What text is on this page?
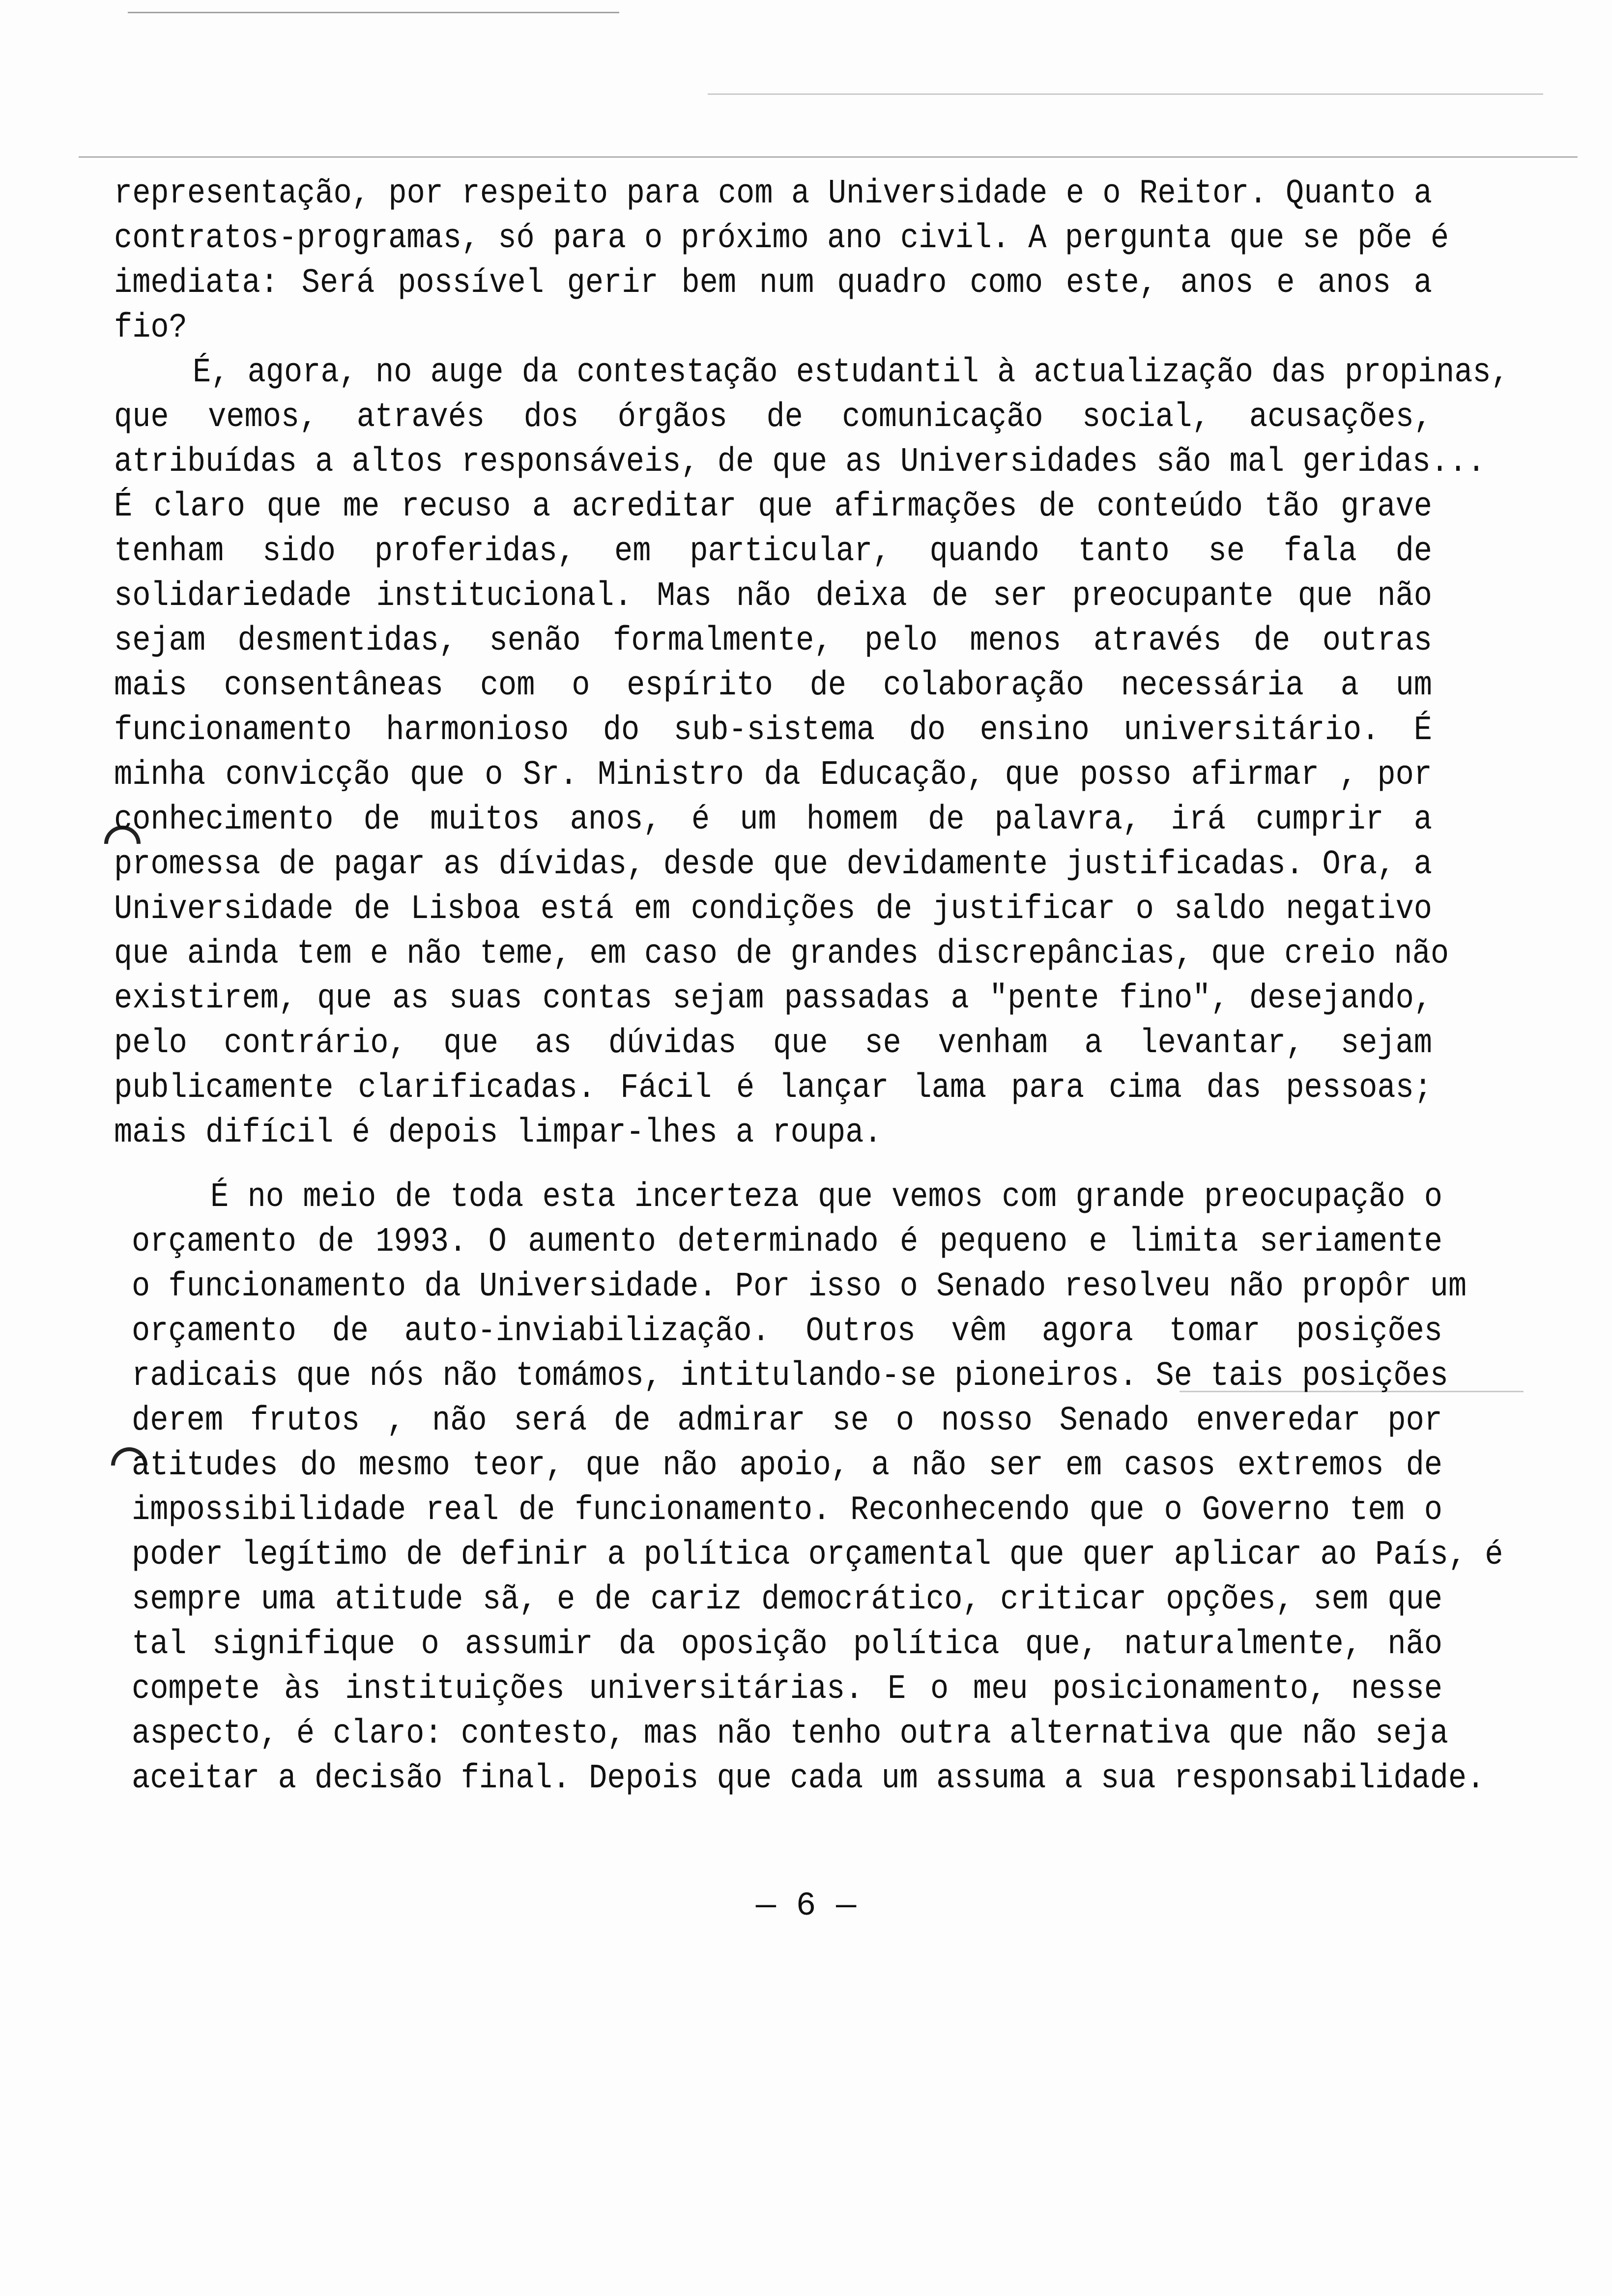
representação, por respeito para com a Universidade e o Reitor. Quanto a
contratos-programas, só para o próximo ano civil. A pergunta que se põe é
imediata: Será possível gerir bem num quadro como este, anos e anos a
fio?
É, agora, no auge da contestação estudantil à actualização das propinas,
que vemos, através dos órgãos de comunicação social, acusações,
atribuídas a altos responsáveis, de que as Universidades são mal geridas...
É claro que me recuso a acreditar que afirmações de conteúdo tão grave
tenham sido proferidas, em particular, quando tanto se fala de
solidariedade institucional. Mas não deixa de ser preocupante que não
sejam desmentidas, senão formalmente, pelo menos através de outras
mais consentâneas com o espírito de colaboração necessária a um
funcionamento harmonioso do sub-sistema do ensino universitário. É
minha convicção que o Sr. Ministro da Educação, que posso afirmar , por
conhecimento de muitos anos, é um homem de palavra, irá cumprir a
promessa de pagar as dívidas, desde que devidamente justificadas. Ora, a
Universidade de Lisboa está em condições de justificar o saldo negativo
que ainda tem e não teme, em caso de grandes discrepâncias, que creio não
existirem, que as suas contas sejam passadas a "pente fino", desejando,
pelo contrário, que as dúvidas que se venham a levantar, sejam
publicamente clarificadas. Fácil é lançar lama para cima das pessoas;
mais difícil é depois limpar-lhes a roupa.
É no meio de toda esta incerteza que vemos com grande preocupação o
orçamento de 1993. O aumento determinado é pequeno e limita seriamente
o funcionamento da Universidade. Por isso o Senado resolveu não propôr um
orçamento de auto-inviabilização. Outros vêm agora tomar posições
radicais que nós não tomámos, intitulando-se pioneiros. Se tais posições
derem frutos , não será de admirar se o nosso Senado enveredar por
atitudes do mesmo teor, que não apoio, a não ser em casos extremos de
impossibilidade real de funcionamento. Reconhecendo que o Governo tem o
poder legítimo de definir a política orçamental que quer aplicar ao País, é
sempre uma atitude sã, e de cariz democrático, criticar opções, sem que
tal signifique o assumir da oposição política que, naturalmente, não
compete às instituições universitárias. E o meu posicionamento, nesse
aspecto, é claro: contesto, mas não tenho outra alternativa que não seja
aceitar a decisão final. Depois que cada um assuma a sua responsabilidade.
— 6 —
